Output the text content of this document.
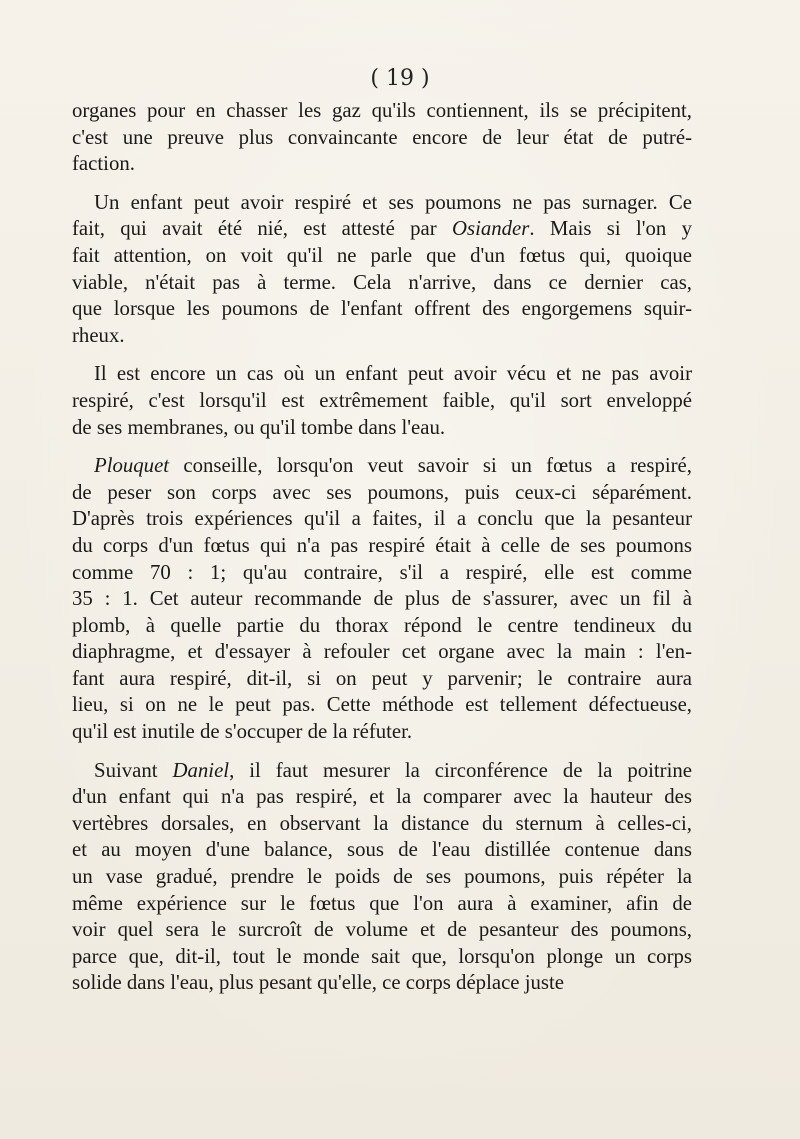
( 19 )
organes pour en chasser les gaz qu'ils contiennent, ils se précipitent,
c'est une preuve plus convaincante encore de leur état de putré-
faction.
Un enfant peut avoir respiré et ses poumons ne pas surnager. Ce
fait, qui avait été nié, est attesté par Osiander. Mais si l'on y
fait attention, on voit qu'il ne parle que d'un fœtus qui, quoique
viable, n'était pas à terme. Cela n'arrive, dans ce dernier cas,
que lorsque les poumons de l'enfant offrent des engorgemens squir-
rheux.
Il est encore un cas où un enfant peut avoir vécu et ne pas avoir
respiré, c'est lorsqu'il est extrêmement faible, qu'il sort enveloppé
de ses membranes, ou qu'il tombe dans l'eau.
Plouquet conseille, lorsqu'on veut savoir si un fœtus a respiré,
de peser son corps avec ses poumons, puis ceux-ci séparément.
D'après trois expériences qu'il a faites, il a conclu que la pesanteur
du corps d'un fœtus qui n'a pas respiré était à celle de ses poumons
comme 70 : 1; qu'au contraire, s'il a respiré, elle est comme
35 : 1. Cet auteur recommande de plus de s'assurer, avec un fil à
plomb, à quelle partie du thorax répond le centre tendineux du
diaphragme, et d'essayer à refouler cet organe avec la main : l'en-
fant aura respiré, dit-il, si on peut y parvenir; le contraire aura
lieu, si on ne le peut pas. Cette méthode est tellement défectueuse,
qu'il est inutile de s'occuper de la réfuter.
Suivant Daniel, il faut mesurer la circonférence de la poitrine
d'un enfant qui n'a pas respiré, et la comparer avec la hauteur des
vertèbres dorsales, en observant la distance du sternum à celles-ci,
et au moyen d'une balance, sous de l'eau distillée contenue dans
un vase gradué, prendre le poids de ses poumons, puis répéter la
même expérience sur le fœtus que l'on aura à examiner, afin de
voir quel sera le surcroît de volume et de pesanteur des poumons,
parce que, dit-il, tout le monde sait que, lorsqu'on plonge un corps
solide dans l'eau, plus pesant qu'elle, ce corps déplace juste
